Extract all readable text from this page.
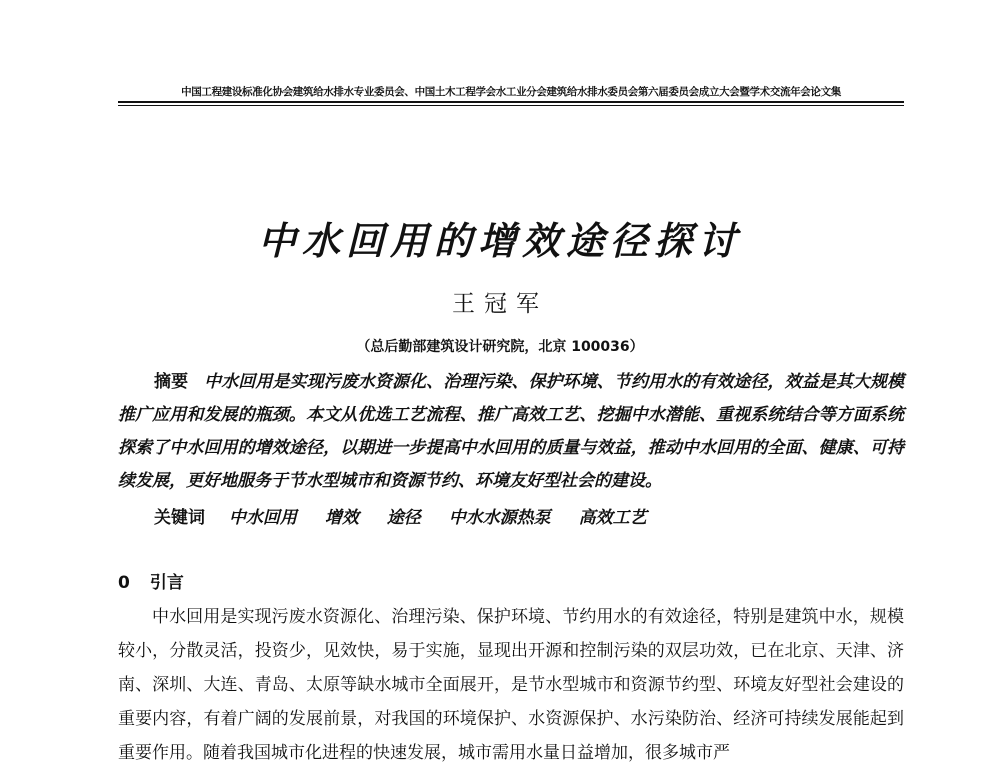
中国工程建设标准化协会建筑给水排水专业委员会、中国土木工程学会水工业分会建筑给水排水委员会第六届委员会成立大会暨学术交流年会论文集
中水回用的增效途径探讨
王冠军
（总后勤部建筑设计研究院，北京 100036）

摘要 中水回用是实现污废水资源化、治理污染、保护环境、节约用水的有效途径，效益是其大规模推广应用和发展的瓶颈。本文从优选工艺流程、推广高效工艺、挖掘中水潜能、重视系统结合等方面系统探索了中水回用的增效途径，以期进一步提高中水回用的质量与效益，推动中水回用的全面、健康、可持续发展，更好地服务于节水型城市和资源节约、环境友好型社会的建设。

关键词 中水回用 增效 途径 中水水源热泵 高效工艺
0 引言

中水回用是实现污废水资源化、治理污染、保护环境、节约用水的有效途径，特别是建筑中水，规模较小，分散灵活，投资少，见效快，易于实施，显现出开源和控制污染的双层功效，已在北京、天津、济南、深圳、大连、青岛、太原等缺水城市全面展开，是节水型城市和资源节约型、环境友好型社会建设的重要内容，有着广阔的发展前景，对我国的环境保护、水资源保护、水污染防治、经济可持续发展能起到重要作用。随着我国城市化进程的快速发展，城市需用水量日益增加，很多城市严
